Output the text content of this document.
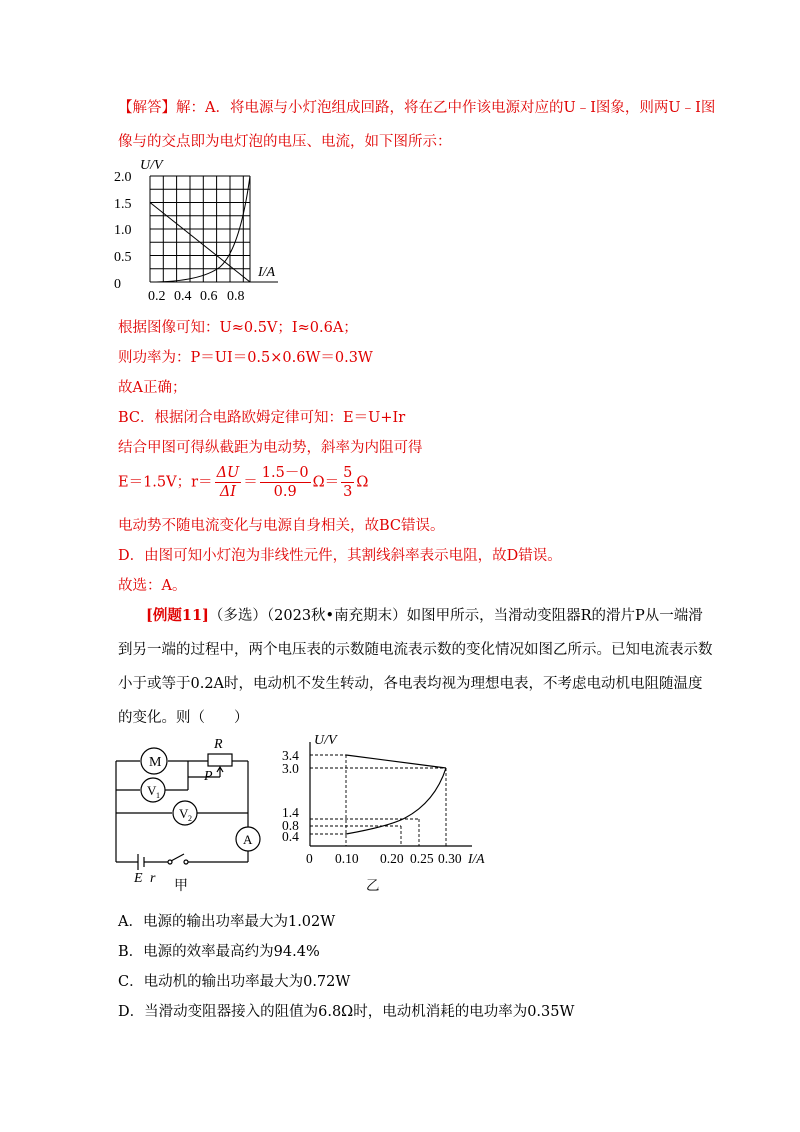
【解答】解：A．将电源与小灯泡组成回路，将在乙中作该电源对应的U﹣I图象，则两U﹣I图
像与的交点即为电灯泡的电压、电流，如下图所示：
U/V
2.0
1.5
1.0
0.5
0
0.2 0.4 0.6 0.8
I/A
根据图像可知：U≈0.5V；I≈0.6A；
则功率为：P＝UI＝0.5×0.6W＝0.3W
故A正确；
BC．根据闭合电路欧姆定律可知：E＝U+Ir
结合甲图可得纵截距为电动势，斜率为内阻可得
E＝1.5V；$r= \frac{\Delta U}{\Delta I} = \frac{1.5-0}{0.9} \Omega= \frac{5}{3}$ Ω
电动势不随电流变化与电源自身相关，故BC错误。
D．由图可知小灯泡为非线性元件，其割线斜率表示电阻，故D错误。
故选：A。
[例题11]（多选）（2023秋•南充期末）如图甲所示，当滑动变阻器R的滑片P从一端滑
到另一端的过程中，两个电压表的示数随电流表示数的变化情况如图乙所示。已知电流表示数
小于或等于0.2A时，电动机不发生转动，各电表均视为理想电表，不考虑电动机电阻随温度
的变化。则（　　）
M
V 1
V 2
A
R
P
E r
甲
U/V
3.4
3.0
1.4
0.8
0.4
0 0.10 0.20 0.25 0.30 I/A
乙
A．电源的输出功率最大为1.02W
B．电源的效率最高约为94.4%
C．电动机的输出功率最大为0.72W
D．当滑动变阻器接入的阻值为6.8Ω时，电动机消耗的电功率为0.35W
